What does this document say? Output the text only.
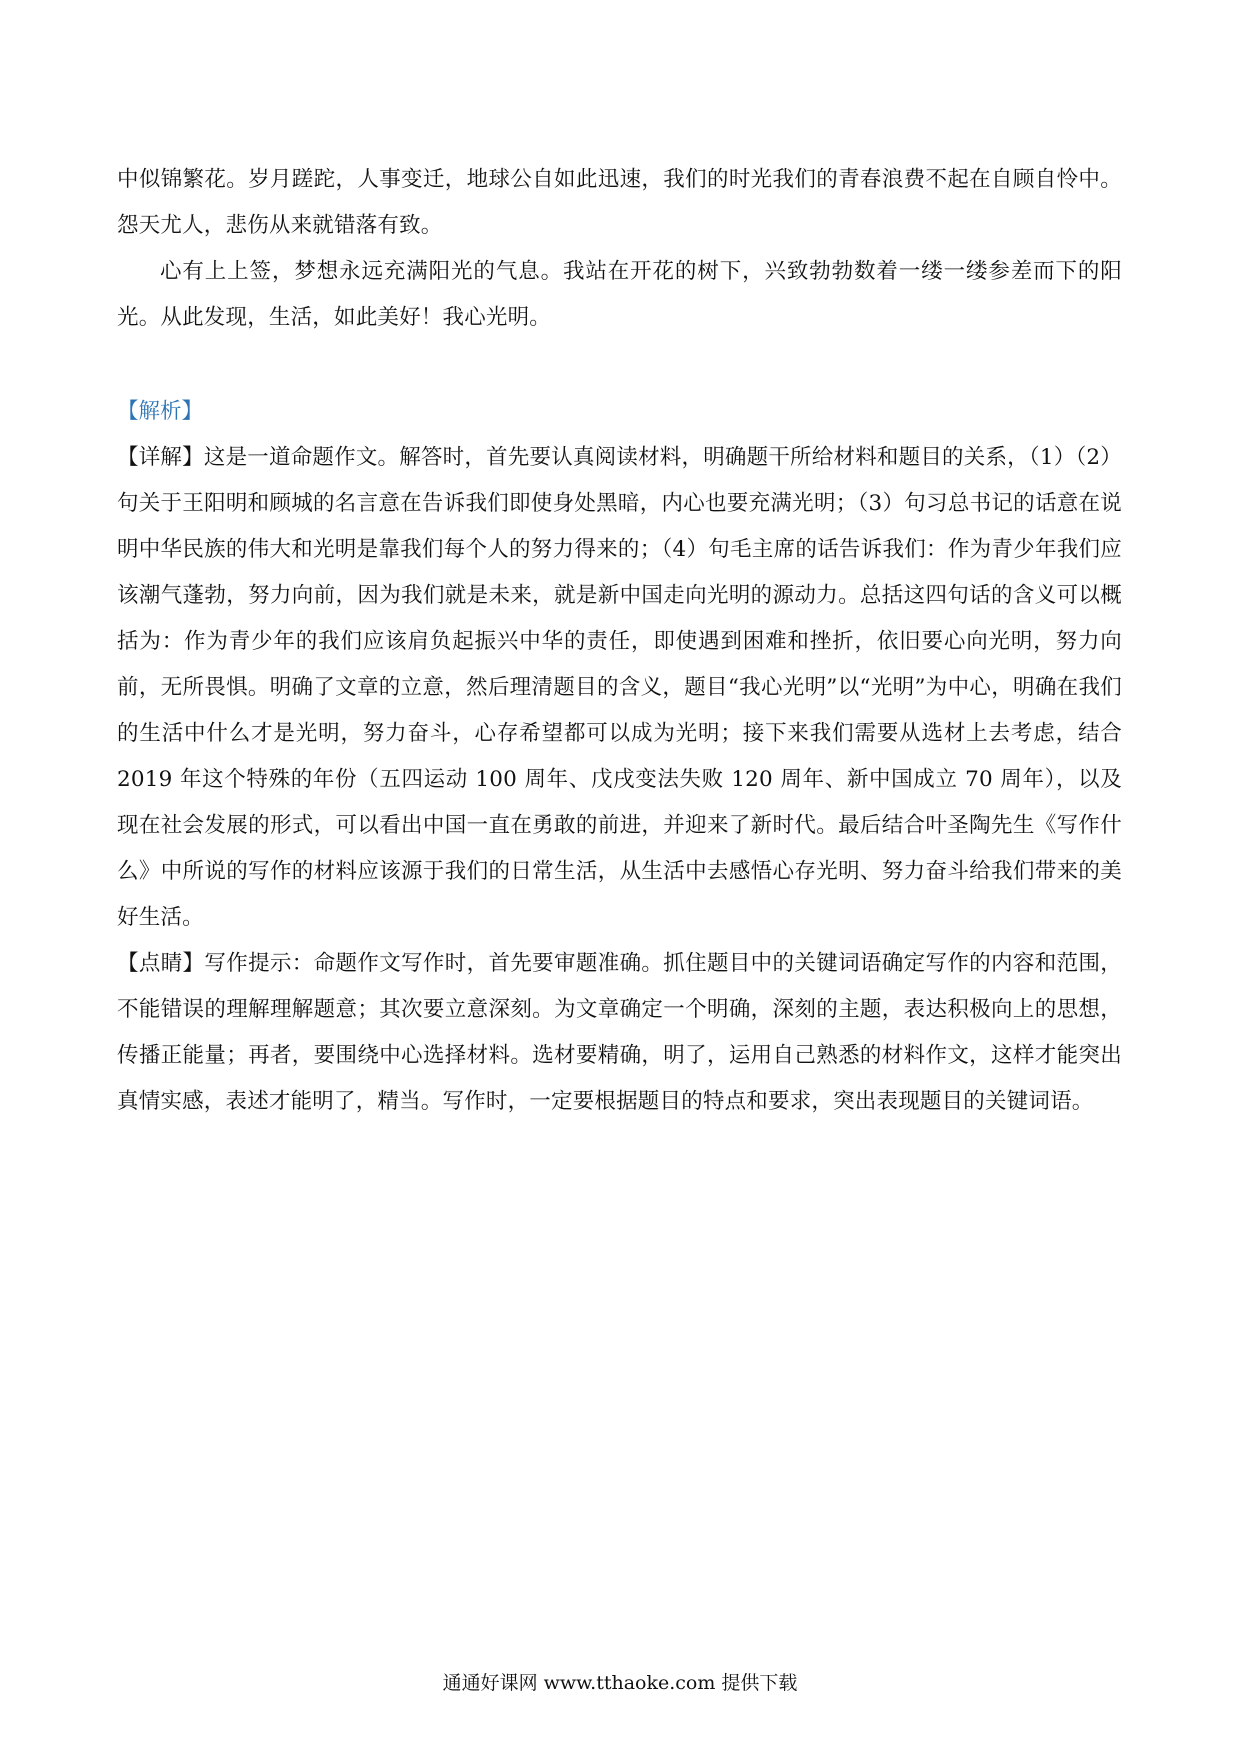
中似锦繁花。岁月蹉跎，人事变迁，地球公自如此迅速，我们的时光我们的青春浪费不起在自顾自怜中。怨天尤人，悲伤从来就错落有致。

心有上上签，梦想永远充满阳光的气息。我站在开花的树下，兴致勃勃数着一缕一缕参差而下的阳光。从此发现，生活，如此美好！我心光明。

【解析】

【详解】这是一道命题作文。解答时，首先要认真阅读材料，明确题干所给材料和题目的关系，（1）（2）句关于王阳明和顾城的名言意在告诉我们即使身处黑暗，内心也要充满光明；（3）句习总书记的话意在说明中华民族的伟大和光明是靠我们每个人的努力得来的；（4）句毛主席的话告诉我们：作为青少年我们应该潮气蓬勃，努力向前，因为我们就是未来，就是新中国走向光明的源动力。总括这四句话的含义可以概括为：作为青少年的我们应该肩负起振兴中华的责任，即使遇到困难和挫折，依旧要心向光明，努力向前，无所畏惧。明确了文章的立意，然后理清题目的含义，题目“我心光明”以“光明”为中心，明确在我们的生活中什么才是光明，努力奋斗，心存希望都可以成为光明；接下来我们需要从选材上去考虑，结合 2019 年这个特殊的年份（五四运动 100 周年、戊戌变法失败 120 周年、新中国成立 70 周年），以及现在社会发展的形式，可以看出中国一直在勇敢的前进，并迎来了新时代。最后结合叶圣陶先生《写作什么》中所说的写作的材料应该源于我们的日常生活，从生活中去感悟心存光明、努力奋斗给我们带来的美好生活。

【点睛】写作提示：命题作文写作时，首先要审题准确。抓住题目中的关键词语确定写作的内容和范围，不能错误的理解理解题意；其次要立意深刻。为文章确定一个明确，深刻的主题，表达积极向上的思想，传播正能量；再者，要围绕中心选择材料。选材要精确，明了，运用自己熟悉的材料作文，这样才能突出真情实感，表述才能明了，精当。写作时，一定要根据题目的特点和要求，突出表现题目的关键词语。

通通好课网 www.tthaoke.com 提供下载
